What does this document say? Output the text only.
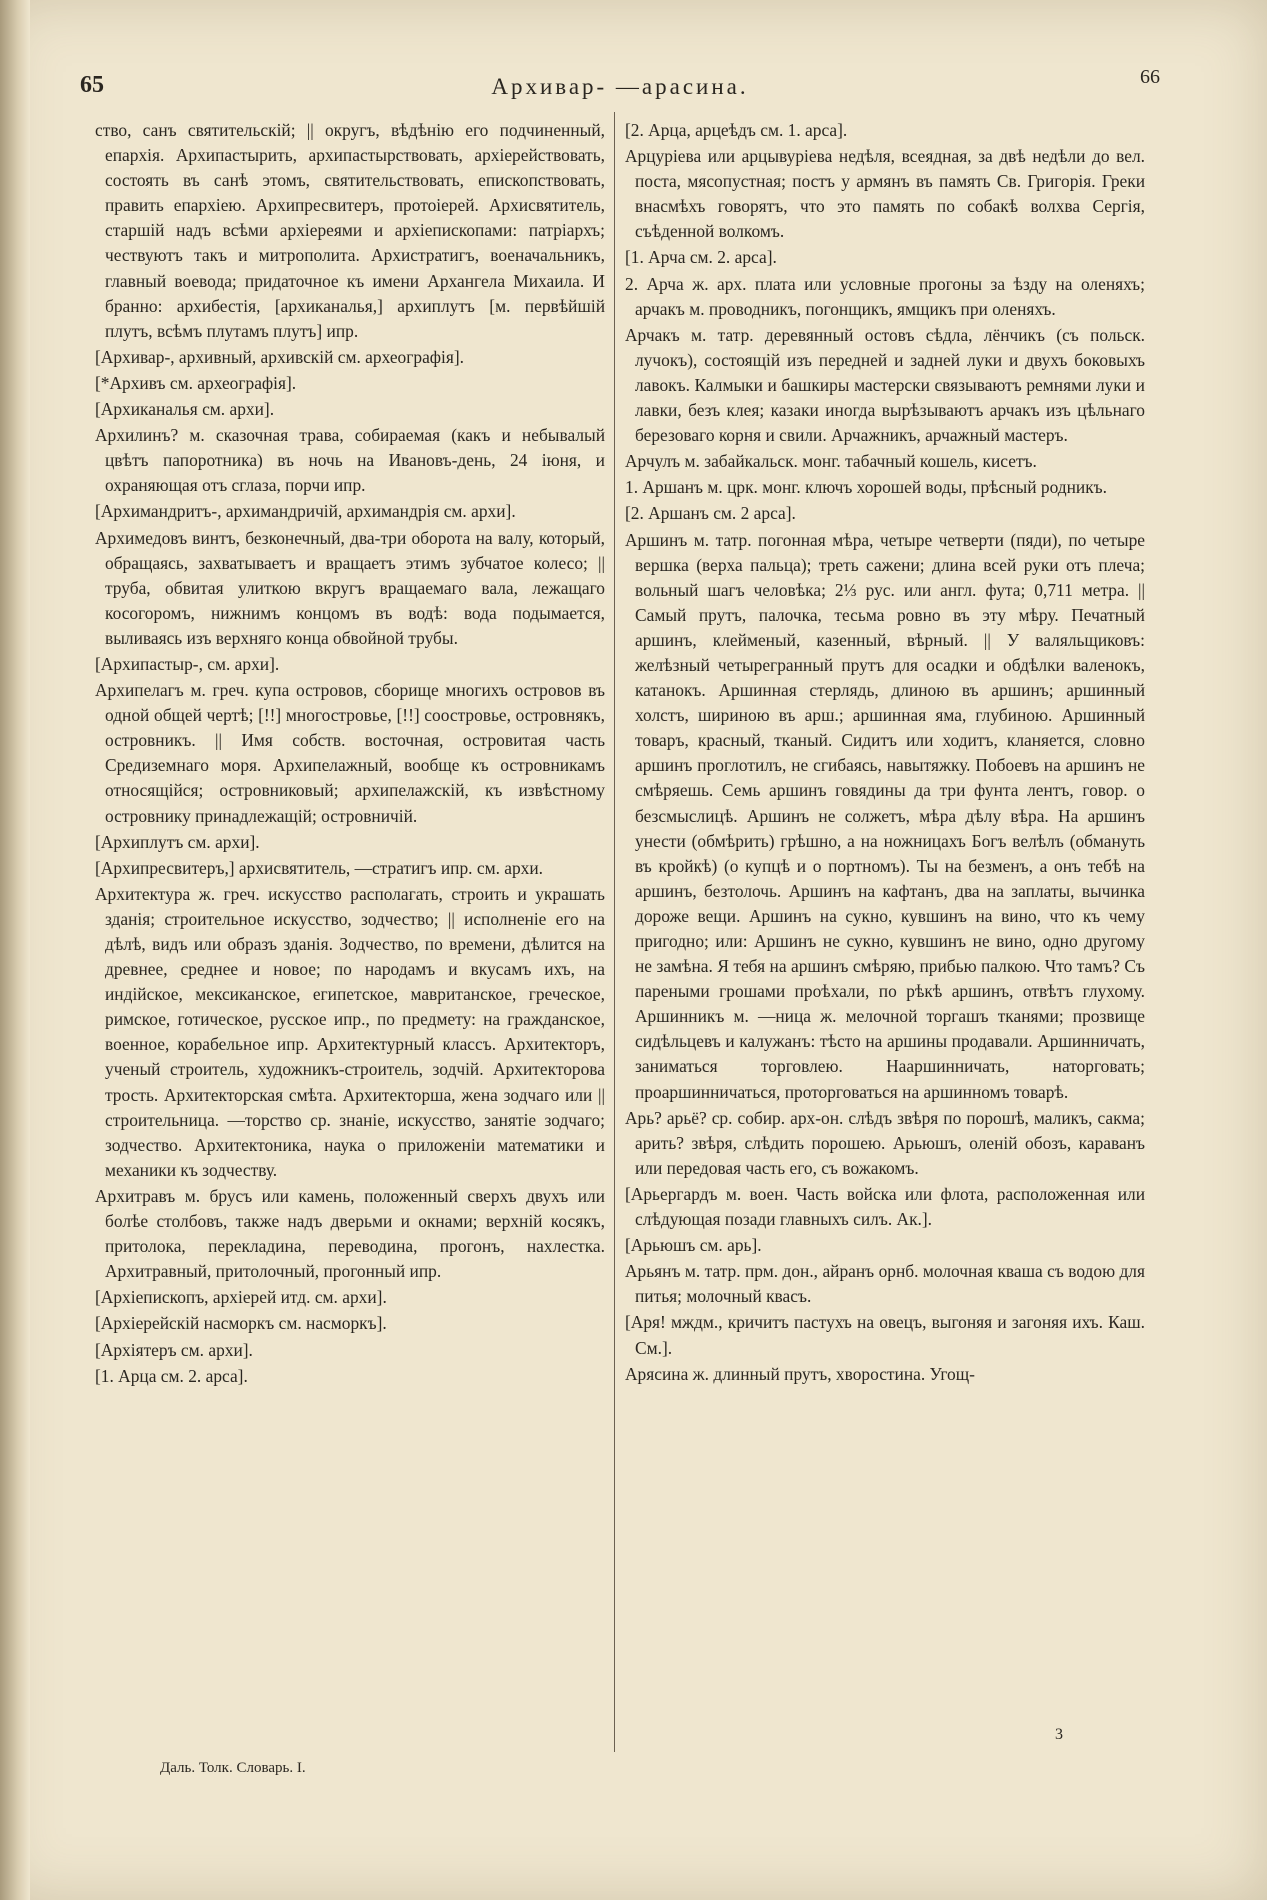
65	Архивар- —арасина.	66

ство, санъ святительскій; || округъ, вѣдѣнію его подчиненный, епархія. Архипастырить, архипастырствовать, архіерействовать, состоять въ санѣ этомъ, святительствовать, епископствовать, править епархіею. Архипресвитеръ, протоіерей. Архисвятитель, старшій надъ всѣми архіереями и архіепископами: патріархъ; чествуютъ такъ и митрополита. Архистратигъ, военачальникъ, главный воевода; придаточное къ имени Архангела Михаила. И бранно: архибестія, [архиканалья,] архиплутъ [м. первѣйшій плутъ, всѣмъ плутамъ плутъ] ипр.

[Архивар-, архивный, архивскій см. археографія].

[*Архивъ см. археографія].

[Архиканалья см. архи].

Архилинъ? м. сказочная трава, собираемая (какъ и небывалый цвѣтъ папоротника) въ ночь на Ивановъ-день, 24 іюня, и охраняющая отъ сглаза, порчи ипр.

[Архимандритъ-, архимандричій, архимандрія см. архи].

Архимедовъ винтъ, безконечный, два-три оборота на валу, который, обращаясь, захватываетъ и вращаетъ этимъ зубчатое колесо; || труба, обвитая улиткою вкругъ вращаемаго вала, лежащаго косогоромъ, нижнимъ концомъ въ водѣ: вода подымается, выливаясь изъ верхняго конца обвойной трубы.

[Архипастыр-, см. архи].

Архипелагъ м. греч. купа островов, сборище многихъ островов въ одной общей чертѣ; [!!] многостровье, [!!] соостровье, островнякъ, островникъ. || Имя собств. восточная, островитая часть Средиземнаго моря. Архипелажный, вообще къ островникамъ относящійся; островниковый; архипелажскій, къ извѣстному островнику принадлежащій; островничій.

[Архиплутъ см. архи].

[Архипресвитеръ,] архисвятитель, —стратигъ ипр. см. архи.

Архитектура ж. греч. искусство располагать, строить и украшать зданія; строительное искусство, зодчество; || исполненіе его на дѣлѣ, видъ или образъ зданія. Зодчество, по времени, дѣлится на древнее, среднее и новое; по народамъ и вкусамъ ихъ, на индійское, мексиканское, египетское, мавританское, греческое, римское, готическое, русское ипр., по предмету: на гражданское, военное, корабельное ипр. Архитектурный классъ. Архитекторъ, ученый строитель, художникъ-строитель, зодчій. Архитекторова трость. Архитекторская смѣта. Архитекторша, жена зодчаго или || строительница. —торство ср. знаніе, искусство, занятіе зодчаго; зодчество. Архитектоника, наука о приложеніи математики и механики къ зодчеству.

Архитравъ м. брусъ или камень, положенный сверхъ двухъ или болѣе столбовъ, также надъ дверьми и окнами; верхній косякъ, притолока, перекладина, переводина, прогонъ, нахлестка. Архитравный, притолочный, прогонный ипр.

[Архіепископъ, архіерей итд. см. архи].

[Архіерейскій насморкъ см. насморкъ].

[Архіятеръ см. архи].

[1. Арца см. 2. арса].

[2. Арца, арцеѣдъ см. 1. арса].

Арцуріева или арцывуріева недѣля, всеядная, за двѣ недѣли до вел. поста, мясопустная; постъ у армянъ въ память Св. Григорія. Греки внасмѣхъ говорятъ, что это память по собакѣ волхва Сергія, съѣденной волкомъ.

[1. Арча см. 2. арса].

2. Арча ж. арх. плата или условные прогоны за ѣзду на оленяхъ; арчакъ м. проводникъ, погонщикъ, ямщикъ при оленяхъ.

Арчакъ м. татр. деревянный остовъ сѣдла, лёнчикъ (съ польск. лучокъ), состоящій изъ передней и задней луки и двухъ боковыхъ лавокъ. Калмыки и башкиры мастерски связываютъ ремнями луки и лавки, безъ клея; казаки иногда вырѣзываютъ арчакъ изъ цѣльнаго березоваго корня и свили. Арчажникъ, арчажный мастеръ.

Арчулъ м. забайкальск. монг. табачный кошель, кисетъ.

1. Аршанъ м. црк. монг. ключъ хорошей воды, прѣсный родникъ.

[2. Аршанъ см. 2 арса].

Аршинъ м. татр. погонная мѣра, четыре четверти (пяди), по четыре вершка (верха пальца); треть сажени; длина всей руки отъ плеча; вольный шагъ человѣка; 2⅓ рус. или англ. фута; 0,711 метра. || Самый прутъ, палочка, тесьма ровно въ эту мѣру. Печатный аршинъ, клейменый, казенный, вѣрный. || У валяльщиковъ: желѣзный четырегранный прутъ для осадки и обдѣлки валенокъ, катанокъ. Аршинная стерлядь, длиною въ аршинъ; аршинный холстъ, шириною въ арш.; аршинная яма, глубиною. Аршинный товаръ, красный, тканый. Сидитъ или ходитъ, кланяется, словно аршинъ проглотилъ, не сгибаясь, навытяжку. Побоевъ на аршинъ не смѣряешь. Семь аршинъ говядины да три фунта лентъ, говор. о безсмыслицѣ. Аршинъ не солжетъ, мѣра дѣлу вѣра. На аршинъ унести (обмѣрить) грѣшно, а на ножницахъ Богъ велѣлъ (обмануть въ кройкѣ) (о купцѣ и о портномъ). Ты на безменъ, а онъ тебѣ на аршинъ, безтолочь. Аршинъ на кафтанъ, два на заплаты, вычинка дороже вещи. Аршинъ на сукно, кувшинъ на вино, что къ чему пригодно; или: Аршинъ не сукно, кувшинъ не вино, одно другому не замѣна. Я тебя на аршинъ смѣряю, прибью палкою. Что тамъ? Съ пареными грошами проѣхали, по рѣкѣ аршинъ, отвѣтъ глухому. Аршинникъ м. —ница ж. мелочной торгашъ тканями; прозвище сидѣльцевъ и калужанъ: тѣсто на аршины продавали. Аршинничать, заниматься торговлею. Нааршинничать, наторговать; проаршинничаться, проторговаться на аршинномъ товарѣ.

Арь? арьё? ср. собир. арх-он. слѣдъ звѣря по порошѣ, маликъ, сакма; арить? звѣря, слѣдить порошею. Арьюшъ, оленій обозъ, караванъ или передовая часть его, съ вожакомъ.

[Арьергардъ м. воен. Часть войска или флота, расположенная или слѣдующая позади главныхъ силъ. Ак.].

[Арьюшъ см. арь].

Арьянъ м. татр. прм. дон., айранъ орнб. молочная кваша съ водою для питья; молочный квасъ.

[Аря! мждм., кричитъ пастухъ на овецъ, выгоняя и загоняя ихъ. Каш. См.].

Арясина ж. длинный прутъ, хворостина. Угощ-

Даль. Толк. Словарь. I.
3
